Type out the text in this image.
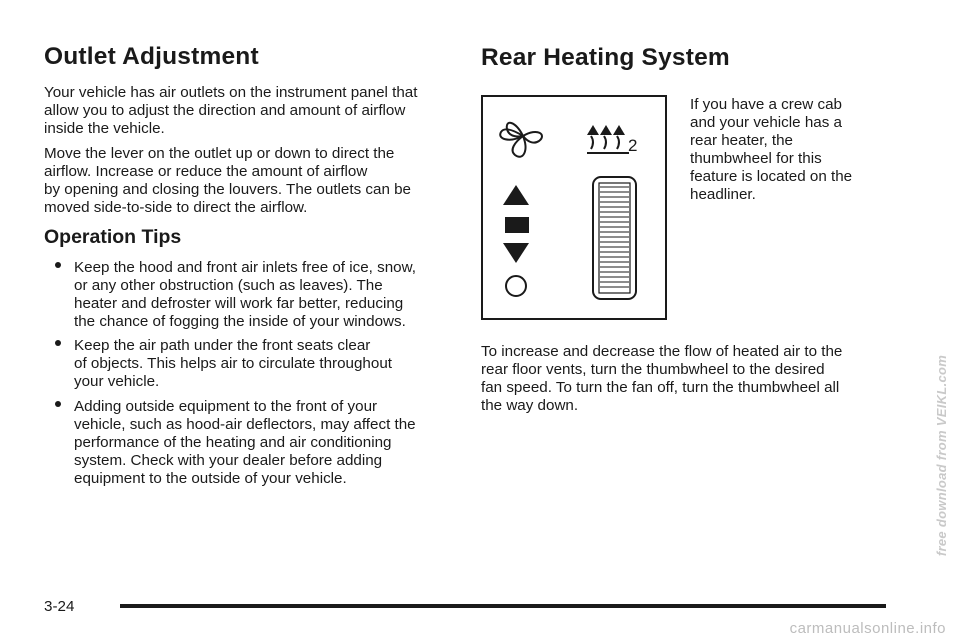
Outlet Adjustment

Your vehicle has air outlets on the instrument panel that
allow you to adjust the direction and amount of airflow
inside the vehicle.

Move the lever on the outlet up or down to direct the
airflow. Increase or reduce the amount of airflow
by opening and closing the louvers. The outlets can be
moved side-to-side to direct the airflow.

Operation Tips

Keep the hood and front air inlets free of ice, snow,
or any other obstruction (such as leaves). The
heater and defroster will work far better, reducing
the chance of fogging the inside of your windows.

Keep the air path under the front seats clear
of objects. This helps air to circulate throughout
your vehicle.

Adding outside equipment to the front of your
vehicle, such as hood-air deflectors, may affect the
performance of the heating and air conditioning
system. Check with your dealer before adding
equipment to the outside of your vehicle.

Rear Heating System

If you have a crew cab
and your vehicle has a
rear heater, the
thumbwheel for this
feature is located on the
headliner.

To increase and decrease the flow of heated air to the
rear floor vents, turn the thumbwheel to the desired
fan speed. To turn the fan off, turn the thumbwheel all
the way down.

2
3-24
free download from VEIKL.com
carmanualsonline.info
